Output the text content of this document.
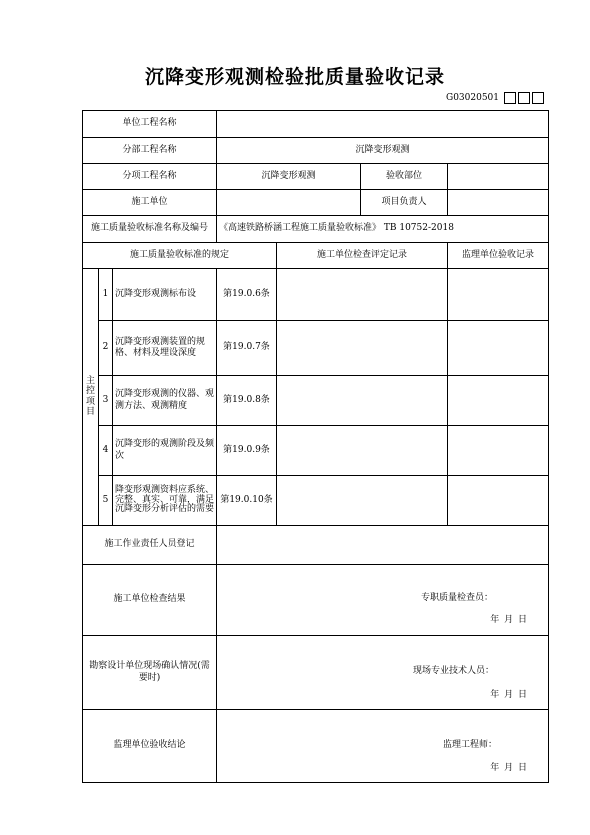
沉降变形观测检验批质量验收记录
G03020501
单位工程名称						
分部工程名称			沉降变形观测			
分项工程名称			沉降变形观测		验收部位	
施工单位					项目负责人	
施工质量验收标准名称及编号			《高速铁路桥涵工程施工质量验收标准》 TB 10752-2018			
施工质量验收标准的规定				施工单位检查评定记录		监理单位验收记录
主控项目	1	沉降变形观测标布设	第19.0.6条			
	2	沉降变形观测装置的规格、材料及埋设深度	第19.0.7条			
	3	沉降变形观测的仪器、观测方法、观测精度	第19.0.8条			
	4	沉降变形的观测阶段及频次	第19.0.9条			
	5	降变形观测资料应系统、完整、真实、可靠，满足沉降变形分析评估的需要	第19.0.10条			
施工作业责任人员登记						
施工单位检查结果			专职质量检查员：
年 月 日			

勘察设计单位现场确认情况(需要时)			现场专业技术人员：
年 月 日			

监理单位验收结论			监理工程师：
年 月 日			
